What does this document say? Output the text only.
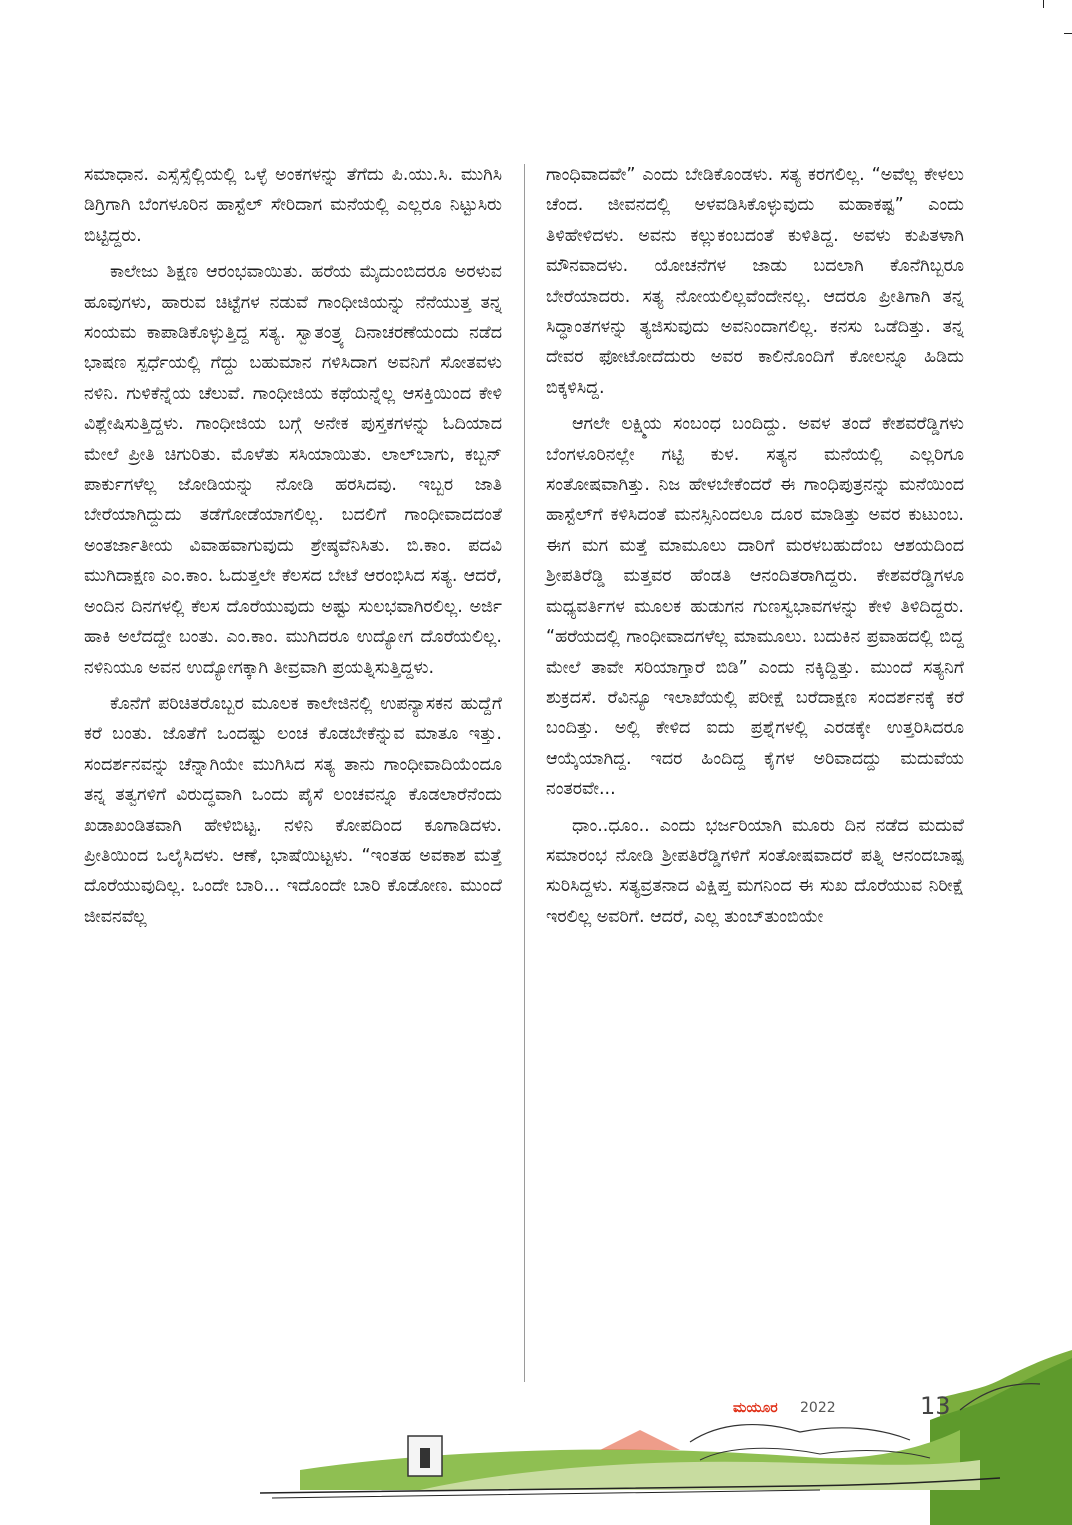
ಸಮಾಧಾನ. ಎಸ್ಸೆಸ್ಸೆಲ್ಲಿಯಲ್ಲಿ ಒಳ್ಳೆ ಅಂಕಗಳನ್ನು ತೆಗೆದು ಪಿ.ಯು.ಸಿ. ಮುಗಿಸಿ ಡಿಗ್ರಿಗಾಗಿ ಬೆಂಗಳೂರಿನ ಹಾಸ್ಟೆಲ್ ಸೇರಿದಾಗ ಮನೆಯಲ್ಲಿ ಎಲ್ಲರೂ ನಿಟ್ಟುಸಿರು ಬಿಟ್ಟಿದ್ದರು.

ಕಾಲೇಜು ಶಿಕ್ಷಣ ಆರಂಭವಾಯಿತು. ಹರೆಯ ಮೈದುಂಬಿದರೂ ಅರಳುವ ಹೂವುಗಳು, ಹಾರುವ ಚಿಟ್ಟೆಗಳ ನಡುವೆ ಗಾಂಧೀಜಿಯನ್ನು ನೆನೆಯುತ್ತ ತನ್ನ ಸಂಯಮ ಕಾಪಾಡಿಕೊಳ್ಳುತ್ತಿದ್ದ ಸತ್ಯ. ಸ್ವಾತಂತ್ರ್ಯ ದಿನಾಚರಣೆಯಂದು ನಡೆದ ಭಾಷಣ ಸ್ಪರ್ಧೆಯಲ್ಲಿ ಗೆದ್ದು ಬಹುಮಾನ ಗಳಿಸಿದಾಗ ಅವನಿಗೆ ಸೋತವಳು ನಳಿನಿ. ಗುಳಿಕೆನ್ನೆಯ ಚೆಲುವೆ. ಗಾಂಧೀಜಿಯ ಕಥೆಯನ್ನೆಲ್ಲ ಆಸಕ್ತಿಯಿಂದ ಕೇಳಿ ವಿಶ್ಲೇಷಿಸುತ್ತಿದ್ದಳು. ಗಾಂಧೀಜಿಯ ಬಗ್ಗೆ ಅನೇಕ ಪುಸ್ತಕಗಳನ್ನು ಓದಿಯಾದ ಮೇಲೆ ಪ್ರೀತಿ ಚಿಗುರಿತು. ಮೊಳೆತು ಸಸಿಯಾಯಿತು. ಲಾಲ್‌ಬಾಗು, ಕಬ್ಬನ್ ಪಾರ್ಕುಗಳೆಲ್ಲ ಜೋಡಿಯನ್ನು ನೋಡಿ ಹರಸಿದವು. ಇಬ್ಬರ ಜಾತಿ ಬೇರೆಯಾಗಿದ್ದುದು ತಡೆಗೋಡೆಯಾಗಲಿಲ್ಲ. ಬದಲಿಗೆ ಗಾಂಧೀವಾದದಂತೆ ಅಂತರ್ಜಾತೀಯ ವಿವಾಹವಾಗುವುದು ಶ್ರೇಷ್ಠವೆನಿಸಿತು. ಬಿ.ಕಾಂ. ಪದವಿ ಮುಗಿದಾಕ್ಷಣ ಎಂ.ಕಾಂ. ಓದುತ್ತಲೇ ಕೆಲಸದ ಬೇಟೆ ಆರಂಭಿಸಿದ ಸತ್ಯ. ಆದರೆ, ಅಂದಿನ ದಿನಗಳಲ್ಲಿ ಕೆಲಸ ದೊರೆಯುವುದು ಅಷ್ಟು ಸುಲಭವಾಗಿರಲಿಲ್ಲ. ಅರ್ಜಿ ಹಾಕಿ ಅಲೆದದ್ದೇ ಬಂತು. ಎಂ.ಕಾಂ. ಮುಗಿದರೂ ಉದ್ಯೋಗ ದೊರೆಯಲಿಲ್ಲ. ನಳಿನಿಯೂ ಅವನ ಉದ್ಯೋಗಕ್ಕಾಗಿ ತೀವ್ರವಾಗಿ ಪ್ರಯತ್ನಿಸುತ್ತಿದ್ದಳು.

ಕೊನೆಗೆ ಪರಿಚಿತರೊಬ್ಬರ ಮೂಲಕ ಕಾಲೇಜಿನಲ್ಲಿ ಉಪನ್ಯಾಸಕನ ಹುದ್ದೆಗೆ ಕರೆ ಬಂತು. ಜೊತೆಗೆ ಒಂದಷ್ಟು ಲಂಚ ಕೊಡಬೇಕೆನ್ನುವ ಮಾತೂ ಇತ್ತು. ಸಂದರ್ಶನವನ್ನು ಚೆನ್ನಾಗಿಯೇ ಮುಗಿಸಿದ ಸತ್ಯ ತಾನು ಗಾಂಧೀವಾದಿಯೆಂದೂ ತನ್ನ ತತ್ವಗಳಿಗೆ ವಿರುದ್ಧವಾಗಿ ಒಂದು ಪೈಸೆ ಲಂಚವನ್ನೂ ಕೊಡಲಾರೆನೆಂದು ಖಡಾಖಂಡಿತವಾಗಿ ಹೇಳಿಬಿಟ್ಟ. ನಳಿನಿ ಕೋಪದಿಂದ ಕೂಗಾಡಿದಳು. ಪ್ರೀತಿಯಿಂದ ಒಲೈಸಿದಳು. ಆಣೆ, ಭಾಷೆಯಿಟ್ಟಳು. “ಇಂತಹ ಅವಕಾಶ ಮತ್ತೆ ದೊರೆಯುವುದಿಲ್ಲ. ಒಂದೇ ಬಾರಿ... ಇದೊಂದೇ ಬಾರಿ ಕೊಡೋಣ. ಮುಂದೆ ಜೀವನವೆಲ್ಲ

ಗಾಂಧಿವಾದವೇ” ಎಂದು ಬೇಡಿಕೊಂಡಳು. ಸತ್ಯ ಕರಗಲಿಲ್ಲ. “ಅವೆಲ್ಲ ಕೇಳಲು ಚೆಂದ. ಜೀವನದಲ್ಲಿ ಅಳವಡಿಸಿಕೊಳ್ಳುವುದು ಮಹಾಕಷ್ಟ” ಎಂದು ತಿಳಿಹೇಳಿದಳು. ಅವನು ಕಲ್ಲುಕಂಬದಂತೆ ಕುಳಿತಿದ್ದ. ಅವಳು ಕುಪಿತಳಾಗಿ ಮೌನವಾದಳು. ಯೋಚನೆಗಳ ಜಾಡು ಬದಲಾಗಿ ಕೊನೆಗಿಬ್ಬರೂ ಬೇರೆಯಾದರು. ಸತ್ಯ ನೋಯಲಿಲ್ಲವೆಂದೇನಲ್ಲ. ಆದರೂ ಪ್ರೀತಿಗಾಗಿ ತನ್ನ ಸಿದ್ಧಾಂತಗಳನ್ನು ತ್ಯಜಿಸುವುದು ಅವನಿಂದಾಗಲಿಲ್ಲ. ಕನಸು ಒಡೆದಿತ್ತು. ತನ್ನ ದೇವರ ಫೋಟೋದೆದುರು ಅವರ ಕಾಲಿನೊಂದಿಗೆ ಕೋಲನ್ನೂ ಹಿಡಿದು ಬಿಕ್ಕಳಿಸಿದ್ದ.

ಆಗಲೇ ಲಕ್ಷ್ಮಿಯ ಸಂಬಂಧ ಬಂದಿದ್ದು. ಅವಳ ತಂದೆ ಕೇಶವರೆಡ್ಡಿಗಳು ಬೆಂಗಳೂರಿನಲ್ಲೇ ಗಟ್ಟಿ ಕುಳ. ಸತ್ಯನ ಮನೆಯಲ್ಲಿ ಎಲ್ಲರಿಗೂ ಸಂತೋಷವಾಗಿತ್ತು. ನಿಜ ಹೇಳಬೇಕೆಂದರೆ ಈ ಗಾಂಧಿಪುತ್ರನನ್ನು ಮನೆಯಿಂದ ಹಾಸ್ಟೆಲ್‌ಗೆ ಕಳಿಸಿದಂತೆ ಮನಸ್ಸಿನಿಂದಲೂ ದೂರ ಮಾಡಿತ್ತು ಅವರ ಕುಟುಂಬ. ಈಗ ಮಗ ಮತ್ತೆ ಮಾಮೂಲು ದಾರಿಗೆ ಮರಳಬಹುದೆಂಬ ಆಶಯದಿಂದ ಶ್ರೀಪತಿರೆಡ್ಡಿ ಮತ್ತವರ ಹೆಂಡತಿ ಆನಂದಿತರಾಗಿದ್ದರು. ಕೇಶವರೆಡ್ಡಿಗಳೂ ಮಧ್ಯವರ್ತಿಗಳ ಮೂಲಕ ಹುಡುಗನ ಗುಣಸ್ವಭಾವಗಳನ್ನು ಕೇಳಿ ತಿಳಿದಿದ್ದರು. “ಹರೆಯದಲ್ಲಿ ಗಾಂಧೀವಾದಗಳೆಲ್ಲ ಮಾಮೂಲು. ಬದುಕಿನ ಪ್ರವಾಹದಲ್ಲಿ ಬಿದ್ದ ಮೇಲೆ ತಾವೇ ಸರಿಯಾಗ್ತಾರೆ ಬಿಡಿ” ಎಂದು ನಕ್ಕಿದ್ದಿತ್ತು. ಮುಂದೆ ಸತ್ಯನಿಗೆ ಶುಕ್ರದಸೆ. ರೆವಿನ್ಯೂ ಇಲಾಖೆಯಲ್ಲಿ ಪರೀಕ್ಷೆ ಬರೆದಾಕ್ಷಣ ಸಂದರ್ಶನಕ್ಕೆ ಕರೆ ಬಂದಿತ್ತು. ಅಲ್ಲಿ ಕೇಳಿದ ಐದು ಪ್ರಶ್ನೆಗಳಲ್ಲಿ ಎರಡಕ್ಕೇ ಉತ್ತರಿಸಿದರೂ ಆಯ್ಕೆಯಾಗಿದ್ದ. ಇದರ ಹಿಂದಿದ್ದ ಕೈಗಳ ಅರಿವಾದದ್ದು ಮದುವೆಯ ನಂತರವೇ...

ಧಾಂ..ಧೂಂ.. ಎಂದು ಭರ್ಜರಿಯಾಗಿ ಮೂರು ದಿನ ನಡೆದ ಮದುವೆ ಸಮಾರಂಭ ನೋಡಿ ಶ್ರೀಪತಿರೆಡ್ಡಿಗಳಿಗೆ ಸಂತೋಷವಾದರೆ ಪತ್ನಿ ಆನಂದಬಾಷ್ಪ ಸುರಿಸಿದ್ದಳು. ಸತ್ಯವ್ರತನಾದ ವಿಕ್ಷಿಪ್ತ ಮಗನಿಂದ ಈ ಸುಖ ದೊರೆಯುವ ನಿರೀಕ್ಷೆ ಇರಲಿಲ್ಲ ಅವರಿಗೆ. ಆದರೆ, ಎಲ್ಲ ತುಂಬ್‌ತುಂಬಿಯೇ

ಮಯೂರ 2022	13
